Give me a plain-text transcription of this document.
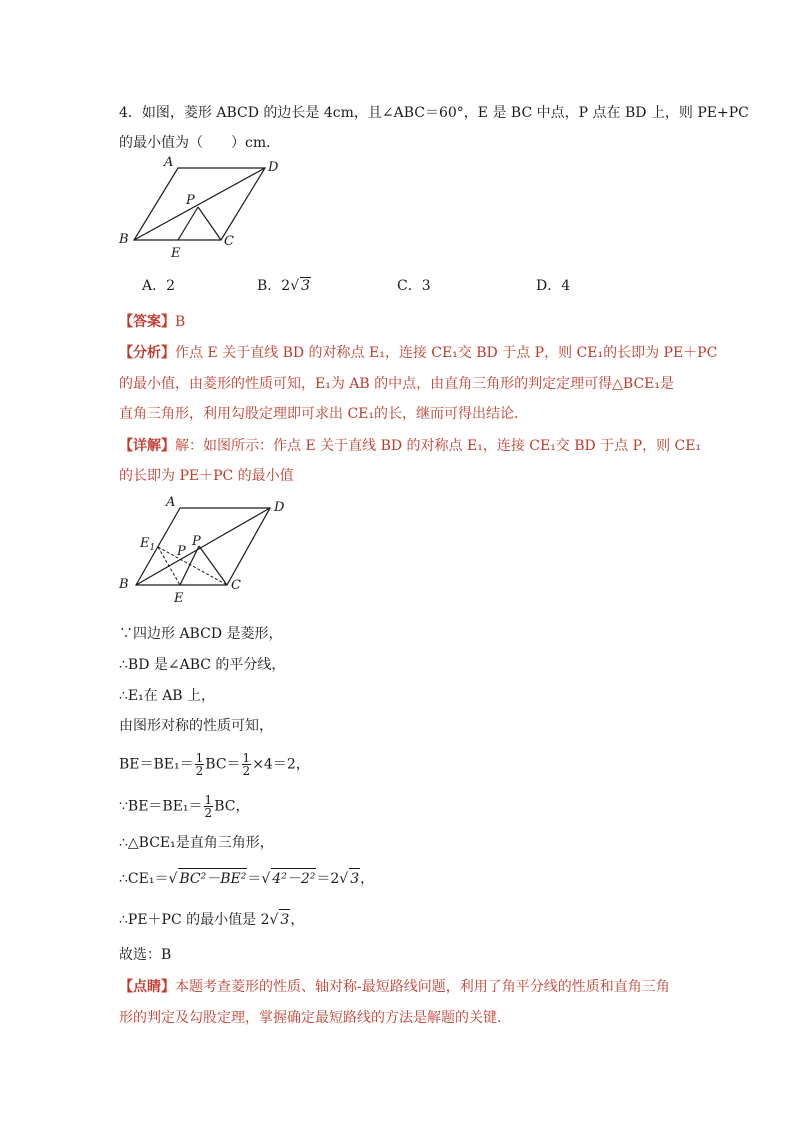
4．如图，菱形 ABCD 的边长是 4cm，且∠ABC＝60°，E 是 BC 中点，P 点在 BD 上，则 PE+PC
的最小值为（　　）cm．
A	D
B	C
E
P
A．2	B．2√ 3	C．3	D．4
【答案】B
【分析】作点 E 关于直线 BD 的对称点 E₁，连接 CE₁交 BD 于点 P，则 CE₁的长即为 PE＋PC
的最小值，由菱形的性质可知，E₁为 AB 的中点，由直角三角形的判定定理可得△BCE₁是
直角三角形，利用勾股定理即可求出 CE₁的长，继而可得出结论．
【详解】解：如图所示：作点 E 关于直线 BD 的对称点 E₁，连接 CE₁交 BD 于点 P，则 CE₁
的长即为 PE＋PC 的最小值
A	D
B	C
E
P
P
$E_1$
∵四边形 ABCD 是菱形，
∴BD 是∠ABC 的平分线，
∴E₁在 AB 上，
由图形对称的性质可知，
$BE=BE_1= \frac{1}{2} BC= \frac{1}{2} \times 4=2$，
∵BE＝BE₁＝ $\frac{1}{2}$ BC，
∴△BCE₁是直角三角形，
∴CE₁＝√ BC²－BE²＝√ 4²－2²＝2√ 3，
∴PE＋PC 的最小值是 2√ 3，
故选：B
【点睛】本题考查菱形的性质、轴对称-最短路线问题，利用了角平分线的性质和直角三角
形的判定及勾股定理，掌握确定最短路线的方法是解题的关键．
